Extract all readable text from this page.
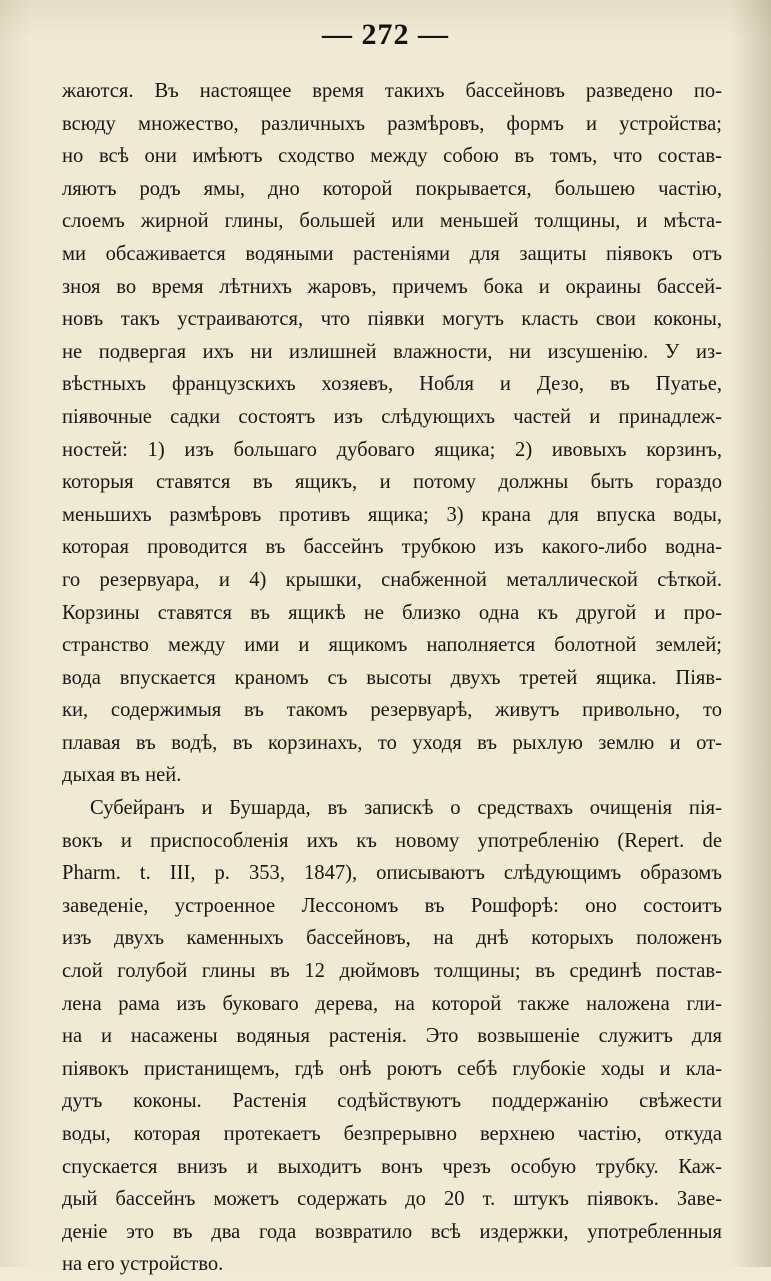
— 272 —
жаются. Въ настоящее время такихъ бассейновъ разведено по-
всюду множество, различныхъ размѣровъ, формъ и устройства;
но всѣ они имѣютъ сходство между собою въ томъ, что состав-
ляютъ родъ ямы, дно которой покрывается, большею частію,
слоемъ жирной глины, большей или меньшей толщины, и мѣста-
ми обсаживается водяными растеніями для защиты піявокъ отъ
зноя во время лѣтнихъ жаровъ, причемъ бока и окраины бассей-
новъ такъ устраиваются, что піявки могутъ класть свои коконы,
не подвергая ихъ ни излишней влажности, ни изсушенію. У из-
вѣстныхъ французскихъ хозяевъ, Нобля и Дезо, въ Пуатье,
піявочные садки состоятъ изъ слѣдующихъ частей и принадлеж-
ностей: 1) изъ большаго дубоваго ящика; 2) ивовыхъ корзинъ,
которыя ставятся въ ящикъ, и потому должны быть гораздо
меньшихъ размѣровъ противъ ящика; 3) крана для впуска воды,
которая проводится въ бассейнъ трубкою изъ какого-либо водна-
го резервуара, и 4) крышки, снабженной металлической сѣткой.
Корзины ставятся въ ящикѣ не близко одна къ другой и про-
странство между ими и ящикомъ наполняется болотной землей;
вода впускается краномъ съ высоты двухъ третей ящика. Піяв-
ки, содержимыя въ такомъ резервуарѣ, живутъ привольно, то
плавая въ водѣ, въ корзинахъ, то уходя въ рыхлую землю и от-
дыхая въ ней.
Субейранъ и Бушарда, въ запискѣ о средствахъ очищенія пія-
вокъ и приспособленія ихъ къ новому употребленію (Repert. de
Pharm. t. III, p. 353, 1847), описываютъ слѣдующимъ образомъ
заведеніе, устроенное Лессономъ въ Рошфорѣ: оно состоитъ
изъ двухъ каменныхъ бассейновъ, на днѣ которыхъ положенъ
слой голубой глины въ 12 дюймовъ толщины; въ срединѣ постав-
лена рама изъ буковаго дерева, на которой также наложена гли-
на и насажены водяныя растенія. Это возвышеніе служитъ для
піявокъ пристанищемъ, гдѣ онѣ роютъ себѣ глубокіе ходы и кла-
дутъ коконы. Растенія содѣйствуютъ поддержанію свѣжести
воды, которая протекаетъ безпрерывно верхнею частію, откуда
спускается внизъ и выходитъ вонъ чрезъ особую трубку. Каж-
дый бассейнъ можетъ содержать до 20 т. штукъ піявокъ. Заве-
деніе это въ два года возвратило всѣ издержки, употребленныя
на его устройство.
